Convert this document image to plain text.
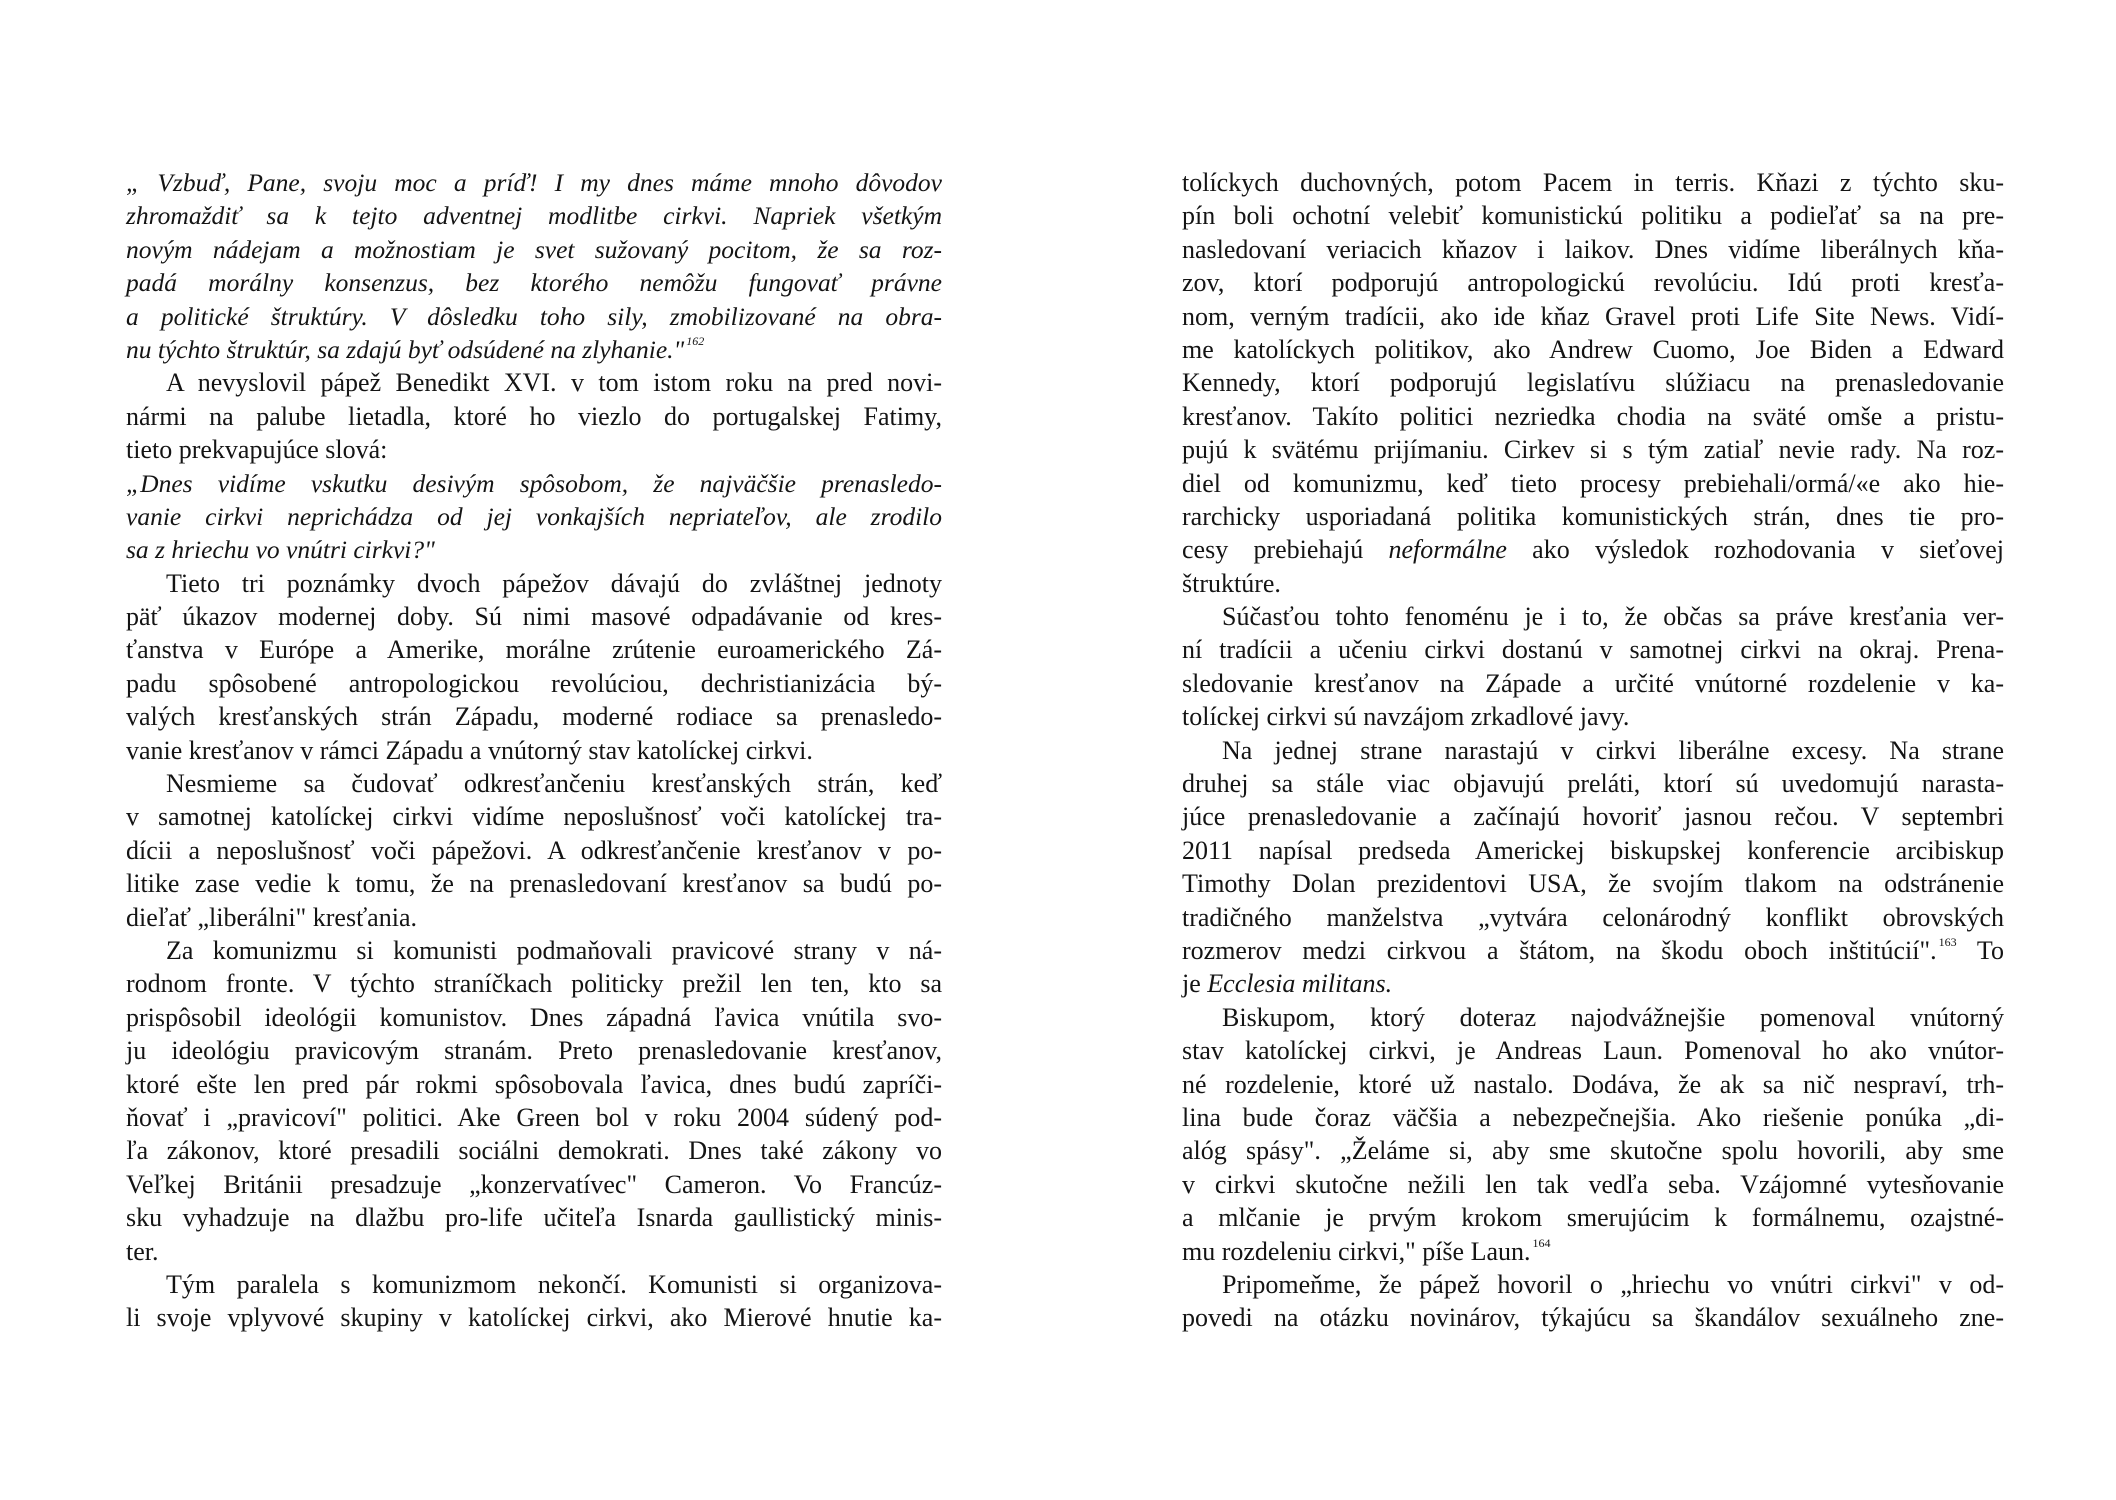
„ Vzbuď, Pane, svoju moc a príď! I my dnes máme mnoho dôvodov
zhromaždiť sa k tejto adventnej modlitbe cirkvi. Napriek všetkým
novým nádejam a možnostiam je svet sužovaný pocitom, že sa roz-
padá morálny konsenzus, bez ktorého nemôžu fungovať právne
a politické štruktúry. V dôsledku toho sily, zmobilizované na obra-
nu týchto štruktúr, sa zdajú byť odsúdené na zlyhanie." $^{162}$
A nevyslovil pápež Benedikt XVI. v tom istom roku na pred novi-
nármi na palube lietadla, ktoré ho viezlo do portugalskej Fatimy,
tieto prekvapujúce slová:
„Dnes vidíme vskutku desivým spôsobom, že najväčšie prenasledo-
vanie cirkvi neprichádza od jej vonkajších nepriateľov, ale zrodilo
sa z hriechu vo vnútri cirkvi?"
Tieto tri poznámky dvoch pápežov dávajú do zvláštnej jednoty
päť úkazov modernej doby. Sú nimi masové odpadávanie od kres-
ťanstva v Európe a Amerike, morálne zrútenie euroamerického Zá-
padu spôsobené antropologickou revolúciou, dechristianizácia bý-
valých kresťanských strán Západu, moderné rodiace sa prenasledo-
vanie kresťanov v rámci Západu a vnútorný stav katolíckej cirkvi.
Nesmieme sa čudovať odkresťančeniu kresťanských strán, keď
v samotnej katolíckej cirkvi vidíme neposlušnosť voči katolíckej tra-
dícii a neposlušnosť voči pápežovi. A odkresťančenie kresťanov v po-
litike zase vedie k tomu, že na prenasledovaní kresťanov sa budú po-
dieľať „liberálni" kresťania.
Za komunizmu si komunisti podmaňovali pravicové strany v ná-
rodnom fronte. V týchto straníčkach politicky prežil len ten, kto sa
prispôsobil ideológii komunistov. Dnes západná ľavica vnútila svo-
ju ideológiu pravicovým stranám. Preto prenasledovanie kresťanov,
ktoré ešte len pred pár rokmi spôsobovala ľavica, dnes budú zapríči-
ňovať i „pravicoví" politici. Ake Green bol v roku 2004 súdený pod-
ľa zákonov, ktoré presadili sociálni demokrati. Dnes také zákony vo
Veľkej Británii presadzuje „konzervatívec" Cameron. Vo Francúz-
sku vyhadzuje na dlažbu pro-life učiteľa Isnarda gaullistický minis-
ter.
Tým paralela s komunizmom nekončí. Komunisti si organizova-
li svoje vplyvové skupiny v katolíckej cirkvi, ako Mierové hnutie ka-
tolíckych duchovných, potom Pacem in terris. Kňazi z týchto sku-
pín boli ochotní velebiť komunistickú politiku a podieľať sa na pre-
nasledovaní veriacich kňazov i laikov. Dnes vidíme liberálnych kňa-
zov, ktorí podporujú antropologickú revolúciu. Idú proti kresťa-
nom, verným tradícii, ako ide kňaz Gravel proti Life Site News. Vidí-
me katolíckych politikov, ako Andrew Cuomo, Joe Biden a Edward
Kennedy, ktorí podporujú legislatívu slúžiacu na prenasledovanie
kresťanov. Takíto politici nezriedka chodia na sväté omše a pristu-
pujú k svätému prijímaniu. Cirkev si s tým zatiaľ nevie rady. Na roz-
diel od komunizmu, keď tieto procesy prebiehali/ormá/«e ako hie-
rarchicky usporiadaná politika komunistických strán, dnes tie pro-
cesy prebiehajú neformálne ako výsledok rozhodovania v sieťovej
štruktúre.
Súčasťou tohto fenoménu je i to, že občas sa práve kresťania ver-
ní tradícii a učeniu cirkvi dostanú v samotnej cirkvi na okraj. Prena-
sledovanie kresťanov na Západe a určité vnútorné rozdelenie v ka-
tolíckej cirkvi sú navzájom zrkadlové javy.
Na jednej strane narastajú v cirkvi liberálne excesy. Na strane
druhej sa stále viac objavujú preláti, ktorí sú uvedomujú narasta-
júce prenasledovanie a začínajú hovoriť jasnou rečou. V septembri
2011 napísal predseda Americkej biskupskej konferencie arcibiskup
Timothy Dolan prezidentovi USA, že svojím tlakom na odstránenie
tradičného manželstva „vytvára celonárodný konflikt obrovských
rozmerov medzi cirkvou a štátom, na škodu oboch inštitúcií". $^{163}$ To
je Ecclesia militans.
Biskupom, ktorý doteraz najodvážnejšie pomenoval vnútorný
stav katolíckej cirkvi, je Andreas Laun. Pomenoval ho ako vnútor-
né rozdelenie, ktoré už nastalo. Dodáva, že ak sa nič nespraví, trh-
lina bude čoraz väčšia a nebezpečnejšia. Ako riešenie ponúka „di-
alóg spásy". „Želáme si, aby sme skutočne spolu hovorili, aby sme
v cirkvi skutočne nežili len tak vedľa seba. Vzájomné vytesňovanie
a mlčanie je prvým krokom smerujúcim k formálnemu, ozajstné-
mu rozdeleniu cirkvi," píše Laun. $^{164}$
Pripomeňme, že pápež hovoril o „hriechu vo vnútri cirkvi" v od-
povedi na otázku novinárov, týkajúcu sa škandálov sexuálneho zne-
